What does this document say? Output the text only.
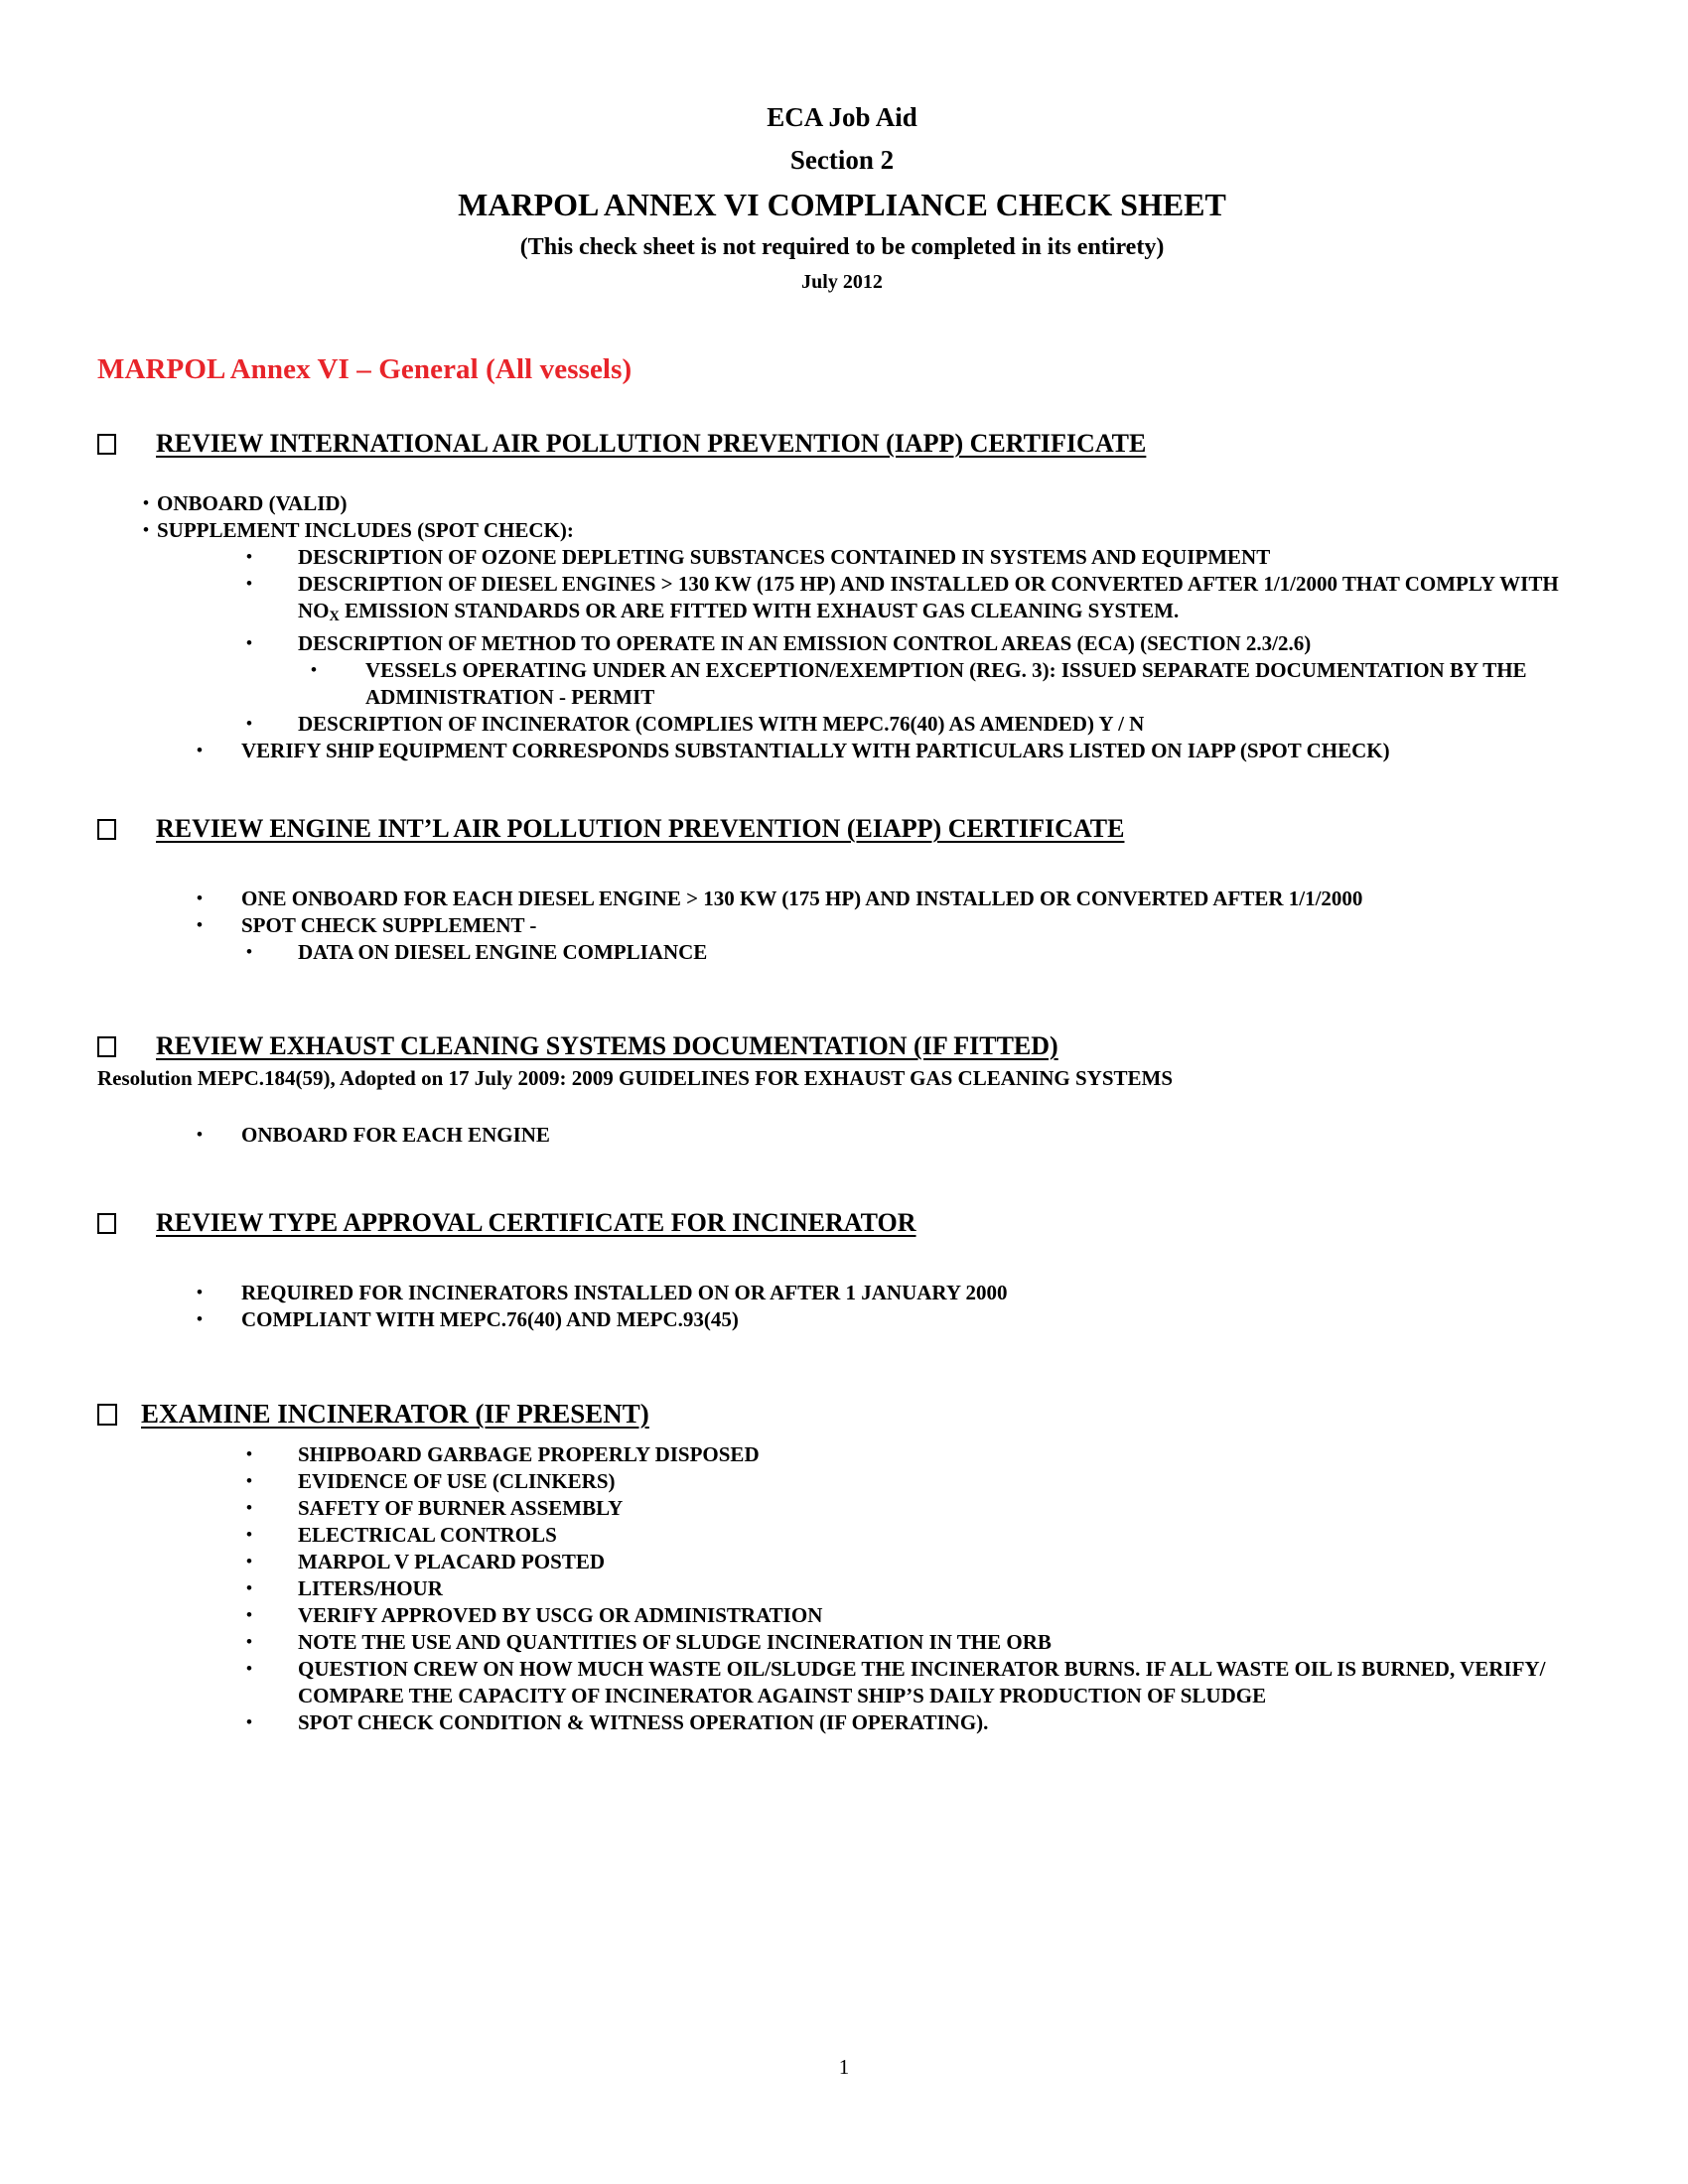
ECA Job Aid
Section 2
MARPOL ANNEX VI COMPLIANCE CHECK SHEET
(This check sheet is not required to be completed in its entirety)
July 2012
MARPOL Annex VI – General (All vessels)
REVIEW INTERNATIONAL AIR POLLUTION PREVENTION (IAPP) CERTIFICATE
• ONBOARD (VALID)
• SUPPLEMENT INCLUDES (SPOT CHECK):
• DESCRIPTION OF OZONE DEPLETING SUBSTANCES CONTAINED IN SYSTEMS AND EQUIPMENT
• DESCRIPTION OF DIESEL ENGINES > 130 KW (175 HP) AND INSTALLED OR CONVERTED AFTER 1/1/2000 THAT COMPLY WITH $NO_X$ EMISSION STANDARDS OR ARE FITTED WITH EXHAUST GAS CLEANING SYSTEM.
• DESCRIPTION OF METHOD TO OPERATE IN AN EMISSION CONTROL AREAS (ECA) (SECTION 2.3/2.6)
• VESSELS OPERATING UNDER AN EXCEPTION/EXEMPTION (REG. 3): ISSUED SEPARATE DOCUMENTATION BY THE ADMINISTRATION - PERMIT
• DESCRIPTION OF INCINERATOR (COMPLIES WITH MEPC.76(40) AS AMENDED) Y / N
• VERIFY SHIP EQUIPMENT CORRESPONDS SUBSTANTIALLY WITH PARTICULARS LISTED ON IAPP (SPOT CHECK)
REVIEW ENGINE INT’L AIR POLLUTION PREVENTION (EIAPP) CERTIFICATE
• ONE ONBOARD FOR EACH DIESEL ENGINE > 130 KW (175 HP) AND INSTALLED OR CONVERTED AFTER 1/1/2000
• SPOT CHECK SUPPLEMENT -
• DATA ON DIESEL ENGINE COMPLIANCE
REVIEW EXHAUST CLEANING SYSTEMS DOCUMENTATION (IF FITTED)
Resolution MEPC.184(59), Adopted on 17 July 2009: 2009 GUIDELINES FOR EXHAUST GAS CLEANING SYSTEMS
• ONBOARD FOR EACH ENGINE
REVIEW TYPE APPROVAL CERTIFICATE FOR INCINERATOR
• REQUIRED FOR INCINERATORS INSTALLED ON OR AFTER 1 JANUARY 2000
• COMPLIANT WITH MEPC.76(40) AND MEPC.93(45)
EXAMINE INCINERATOR (IF PRESENT)
• SHIPBOARD GARBAGE PROPERLY DISPOSED
• EVIDENCE OF USE (CLINKERS)
• SAFETY OF BURNER ASSEMBLY
• ELECTRICAL CONTROLS
• MARPOL V PLACARD POSTED
• LITERS/HOUR
• VERIFY APPROVED BY USCG OR ADMINISTRATION
• NOTE THE USE AND QUANTITIES OF SLUDGE INCINERATION IN THE ORB
• QUESTION CREW ON HOW MUCH WASTE OIL/SLUDGE THE INCINERATOR BURNS. IF ALL WASTE OIL IS BURNED, VERIFY/ COMPARE THE CAPACITY OF INCINERATOR AGAINST SHIP’S DAILY PRODUCTION OF SLUDGE
• SPOT CHECK CONDITION & WITNESS OPERATION (IF OPERATING).
1
